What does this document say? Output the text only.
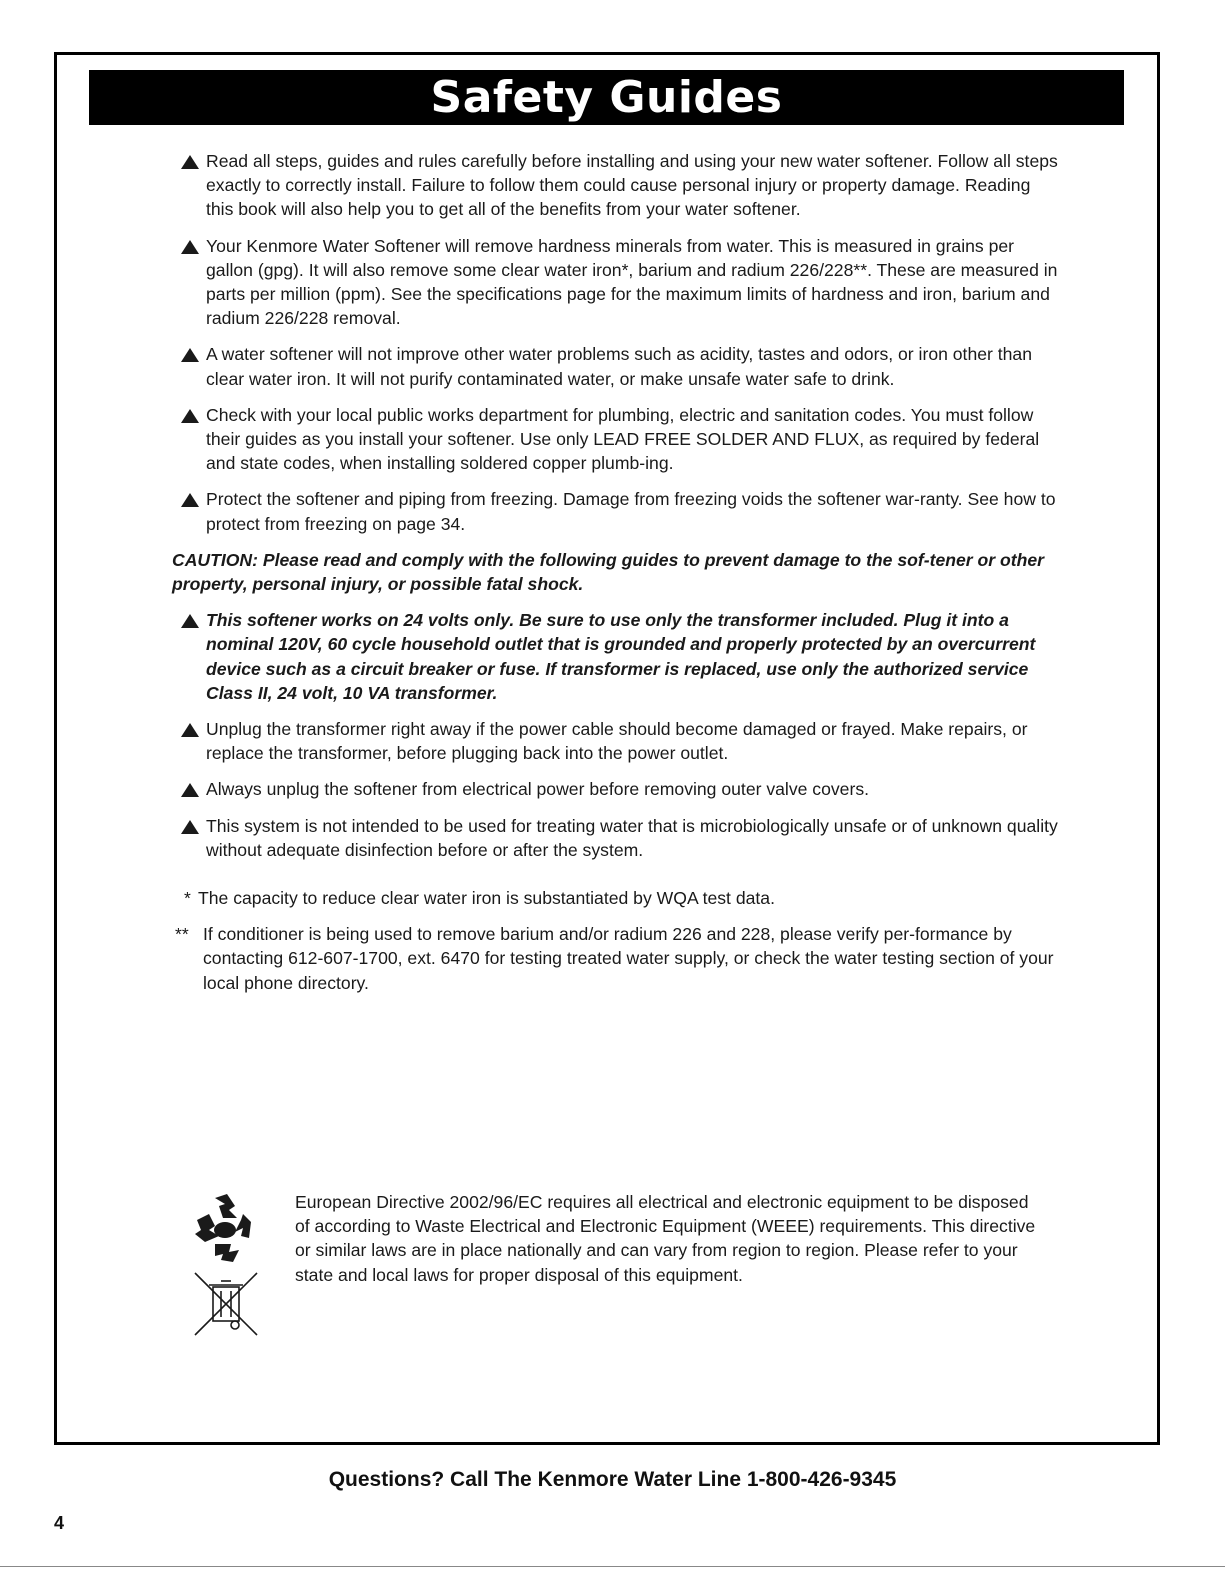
Safety Guides
Read all steps, guides and rules carefully before installing and using your new water softener. Follow all steps exactly to correctly install. Failure to follow them could cause personal injury or property damage. Reading this book will also help you to get all of the benefits from your water softener.
Your Kenmore Water Softener will remove hardness minerals from water. This is measured in grains per gallon (gpg). It will also remove some clear water iron*, barium and radium 226/228**. These are measured in parts per million (ppm). See the specifications page for the maximum limits of hardness and iron, barium and radium 226/228 removal.
A water softener will not improve other water problems such as acidity, tastes and odors, or iron other than clear water iron. It will not purify contaminated water, or make unsafe water safe to drink.
Check with your local public works department for plumbing, electric and sanitation codes. You must follow their guides as you install your softener. Use only LEAD FREE SOLDER AND FLUX, as required by federal and state codes, when installing soldered copper plumb-ing.
Protect the softener and piping from freezing. Damage from freezing voids the softener war-ranty. See how to protect from freezing on page 34.
CAUTION: Please read and comply with the following guides to prevent damage to the sof-tener or other property, personal injury, or possible fatal shock.
This softener works on 24 volts only. Be sure to use only the transformer included. Plug it into a nominal 120V, 60 cycle household outlet that is grounded and properly protected by an overcurrent device such as a circuit breaker or fuse. If transformer is replaced, use only the authorized service Class II, 24 volt, 10 VA transformer.
Unplug the transformer right away if the power cable should become damaged or frayed. Make repairs, or replace the transformer, before plugging back into the power outlet.
Always unplug the softener from electrical power before removing outer valve covers.
This system is not intended to be used for treating water that is microbiologically unsafe or of unknown quality without adequate disinfection before or after the system.
* The capacity to reduce clear water iron is substantiated by WQA test data.
** If conditioner is being used to remove barium and/or radium 226 and 228, please verify per-formance by contacting 612-607-1700, ext. 6470 for testing treated water supply, or check the water testing section of your local phone directory.

European Directive 2002/96/EC requires all electrical and electronic equipment to be disposed of according to Waste Electrical and Electronic Equipment (WEEE) requirements. This directive or similar laws are in place nationally and can vary from region to region. Please refer to your state and local laws for proper disposal of this equipment.
Questions? Call The Kenmore Water Line 1-800-426-9345
4
